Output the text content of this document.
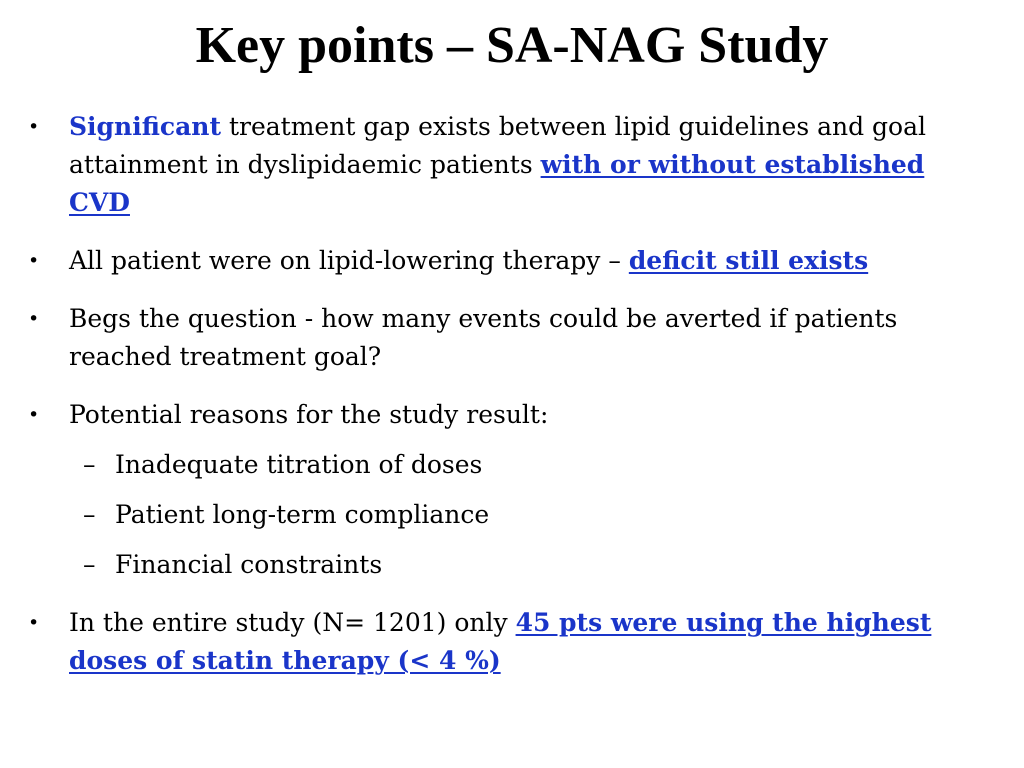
Key points – SA-NAG Study
•	Significant treatment gap exists between lipid guidelines and goal attainment in dyslipidaemic patients with or without established CVD
•	All patient were on lipid-lowering therapy – deficit still exists
•	Begs the question - how many events could be averted if patients reached treatment goal?
•	Potential reasons for the study result:
– Inadequate titration of doses
– Patient long-term compliance
– Financial constraints
•	In the entire study (N= 1201) only 45 pts were using the highest doses of statin therapy (< 4 %)
